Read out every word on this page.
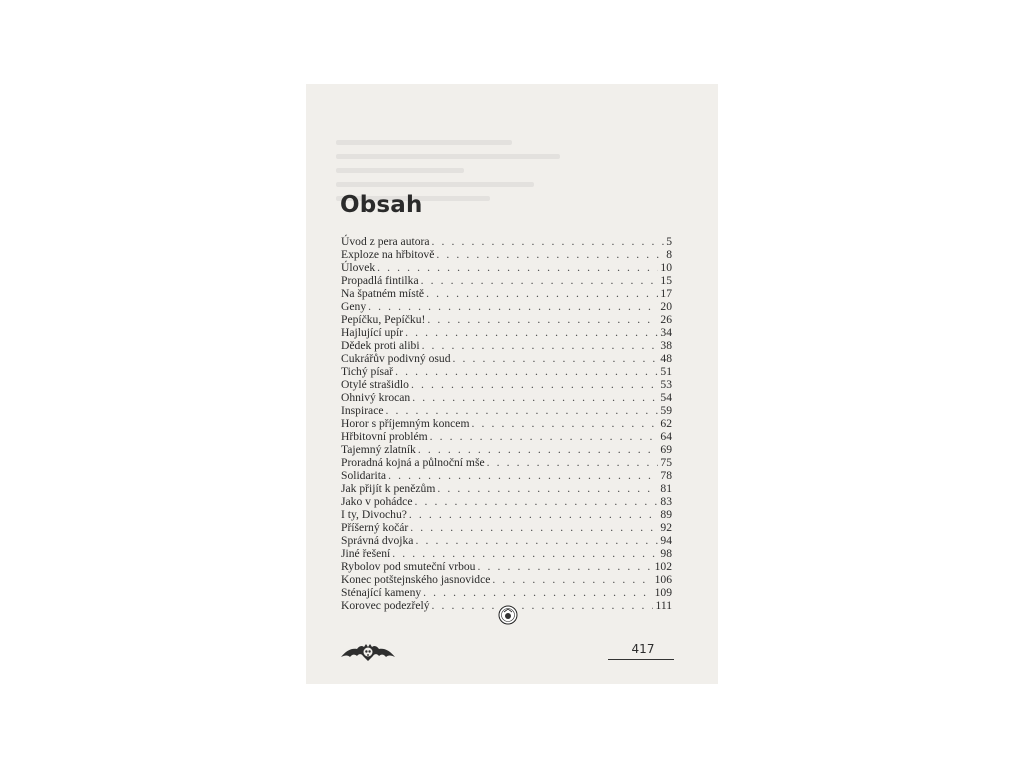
Obsah
Úvod z pera autora . . .	5
Exploze na hřbitově . . .	8
Úlovek . . .	10
Propadlá fintilka . . .	15
Na špatném místě . . .	17
Geny . . .	20
Pepíčku, Pepíčku! . . .	26
Hajlující upír . . .	34
Dědek proti alibi . . .	38
Cukrářův podivný osud . . .	48
Tichý písař . . .	51
Otylé strašidlo . . .	53
Ohnivý krocan . . .	54
Inspirace . . .	59
Horor s příjemným koncem . . .	62
Hřbitovní problém . . .	64
Tajemný zlatník . . .	69
Proradná kojná a půlnoční mše . . .	75
Solidarita . . .	78
Jak přijít k penězům . . .	81
Jako v pohádce . . .	83
I ty, Divochu? . . .	89
Příšerný kočár . . .	92
Správná dvojka . . .	94
Jiné řešení . . .	98
Rybolov pod smuteční vrbou . . .	102
Konec potštejnského jasnovidce . . .	106
Sténající kameny . . .	109
Korovec podezřelý . . .	111
417
